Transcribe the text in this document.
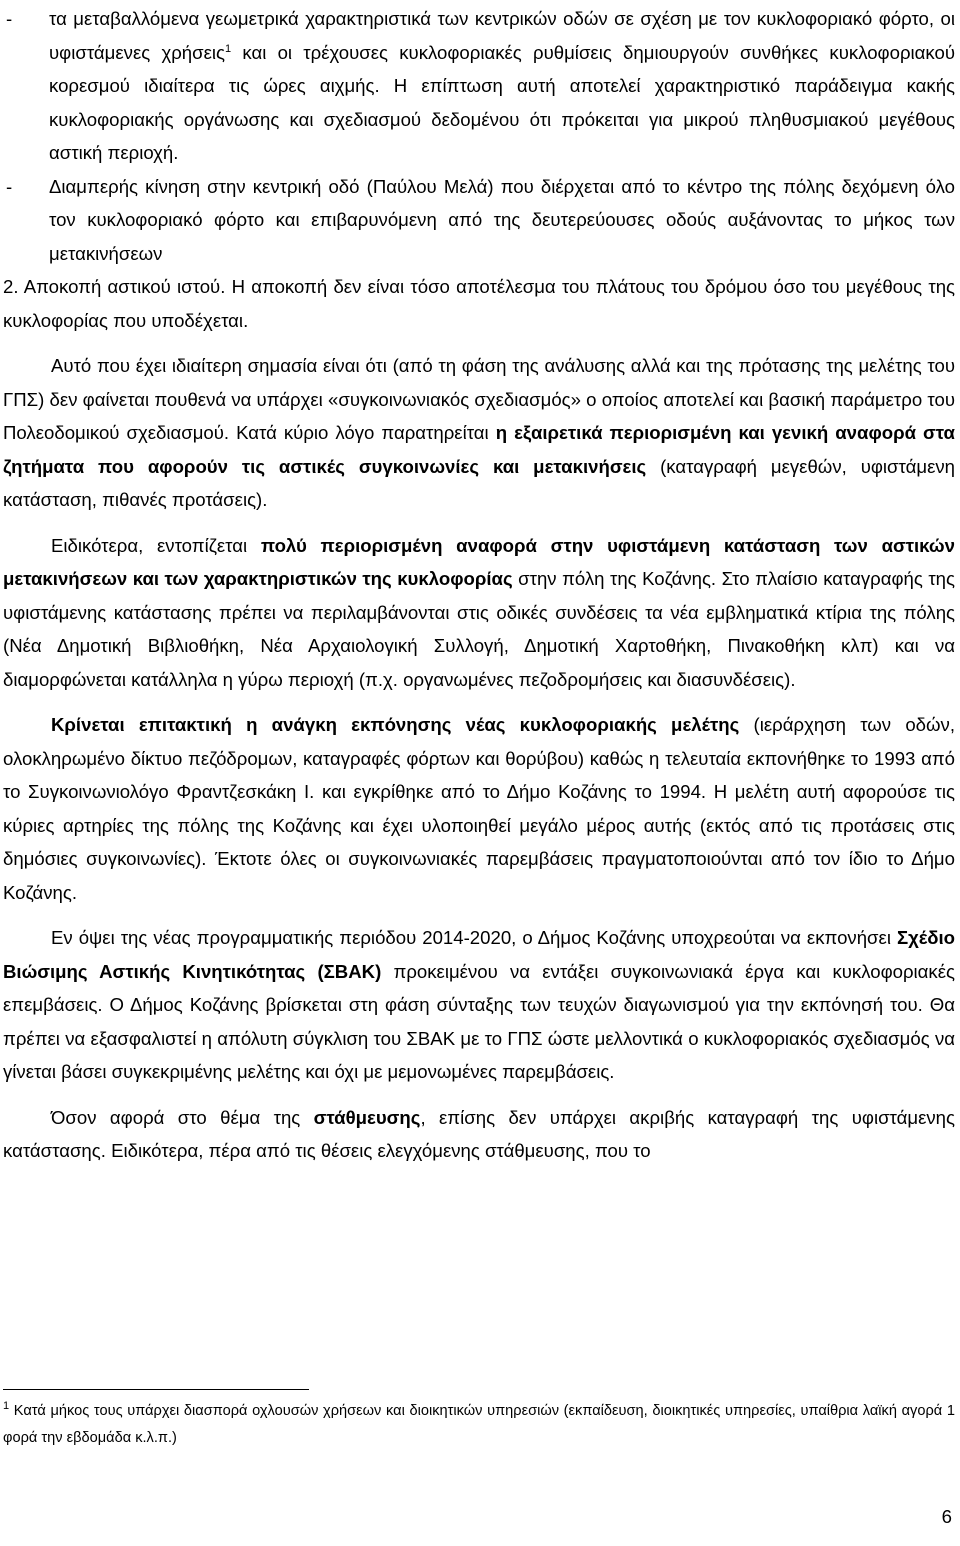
-	τα μεταβαλλόμενα γεωμετρικά χαρακτηριστικά των κεντρικών οδών σε σχέση με τον κυκλοφοριακό φόρτο, οι υφιστάμενες χρήσεις$^1$ και οι τρέχουσες κυκλοφοριακές ρυθμίσεις δημιουργούν συνθήκες κυκλοφοριακού κορεσμού ιδιαίτερα τις ώρες αιχμής. Η επίπτωση αυτή αποτελεί χαρακτηριστικό παράδειγμα κακής κυκλοφοριακής οργάνωσης και σχεδιασμού δεδομένου ότι πρόκειται για μικρού πληθυσμιακού μεγέθους αστική περιοχή.
-	Διαμπερής κίνηση στην κεντρική οδό (Παύλου Μελά) που διέρχεται από το κέντρο της πόλης δεχόμενη όλο τον κυκλοφοριακό φόρτο και επιβαρυνόμενη από της δευτερεύουσες οδούς αυξάνοντας το μήκος των μετακινήσεων

2. Αποκοπή αστικού ιστού. Η αποκοπή δεν είναι τόσο αποτέλεσμα του πλάτους του δρόμου όσο του μεγέθους της κυκλοφορίας που υποδέχεται.

Αυτό που έχει ιδιαίτερη σημασία είναι ότι (από τη φάση της ανάλυσης αλλά και της πρότασης της μελέτης του ΓΠΣ) δεν φαίνεται πουθενά να υπάρχει «συγκοινωνιακός σχεδιασμός» ο οποίος αποτελεί και βασική παράμετρο του Πολεοδομικού σχεδιασμού. Κατά κύριο λόγο παρατηρείται η εξαιρετικά περιορισμένη και γενική αναφορά στα ζητήματα που αφορούν τις αστικές συγκοινωνίες και μετακινήσεις (καταγραφή μεγεθών, υφιστάμενη κατάσταση, πιθανές προτάσεις).

Ειδικότερα, εντοπίζεται πολύ περιορισμένη αναφορά στην υφιστάμενη κατάσταση των αστικών μετακινήσεων και των χαρακτηριστικών της κυκλοφορίας στην πόλη της Κοζάνης. Στο πλαίσιο καταγραφής της υφιστάμενης κατάστασης πρέπει να περιλαμβάνονται στις οδικές συνδέσεις τα νέα εμβληματικά κτίρια της πόλης (Νέα Δημοτική Βιβλιοθήκη, Νέα Αρχαιολογική Συλλογή, Δημοτική Χαρτοθήκη, Πινακοθήκη κλπ) και να διαμορφώνεται κατάλληλα η γύρω περιοχή (π.χ. οργανωμένες πεζοδρομήσεις και διασυνδέσεις).

Κρίνεται επιτακτική η ανάγκη εκπόνησης νέας κυκλοφοριακής μελέτης (ιεράρχηση των οδών, ολοκληρωμένο δίκτυο πεζόδρομων, καταγραφές φόρτων και θορύβου) καθώς η τελευταία εκπονήθηκε το 1993 από το Συγκοινωνιολόγο Φραντζεσκάκη Ι. και εγκρίθηκε από το Δήμο Κοζάνης το 1994. Η μελέτη αυτή αφορούσε τις κύριες αρτηρίες της πόλης της Κοζάνης και έχει υλοποιηθεί μεγάλο μέρος αυτής (εκτός από τις προτάσεις στις δημόσιες συγκοινωνίες). Έκτοτε όλες οι συγκοινωνιακές παρεμβάσεις πραγματοποιούνται από τον ίδιο το Δήμο Κοζάνης.

Εν όψει της νέας προγραμματικής περιόδου 2014-2020, ο Δήμος Κοζάνης υποχρεούται να εκπονήσει Σχέδιο Βιώσιμης Αστικής Κινητικότητας (ΣΒΑΚ) προκειμένου να εντάξει συγκοινωνιακά έργα και κυκλοφοριακές επεμβάσεις. Ο Δήμος Κοζάνης βρίσκεται στη φάση σύνταξης των τευχών διαγωνισμού για την εκπόνησή του. Θα πρέπει να εξασφαλιστεί η απόλυτη σύγκλιση του ΣΒΑΚ με το ΓΠΣ ώστε μελλοντικά ο κυκλοφοριακός σχεδιασμός να γίνεται βάσει συγκεκριμένης μελέτης και όχι με μεμονωμένες παρεμβάσεις.

Όσον αφορά στο θέμα της στάθμευσης, επίσης δεν υπάρχει ακριβής καταγραφή της υφιστάμενης κατάστασης. Ειδικότερα, πέρα από τις θέσεις ελεγχόμενης στάθμευσης, που το

$^1$ Κατά μήκος τους υπάρχει διασπορά οχλουσών χρήσεων και διοικητικών υπηρεσιών (εκπαίδευση, διοικητικές υπηρεσίες, υπαίθρια λαϊκή αγορά 1 φορά την εβδομάδα κ.λ.π.)
6
